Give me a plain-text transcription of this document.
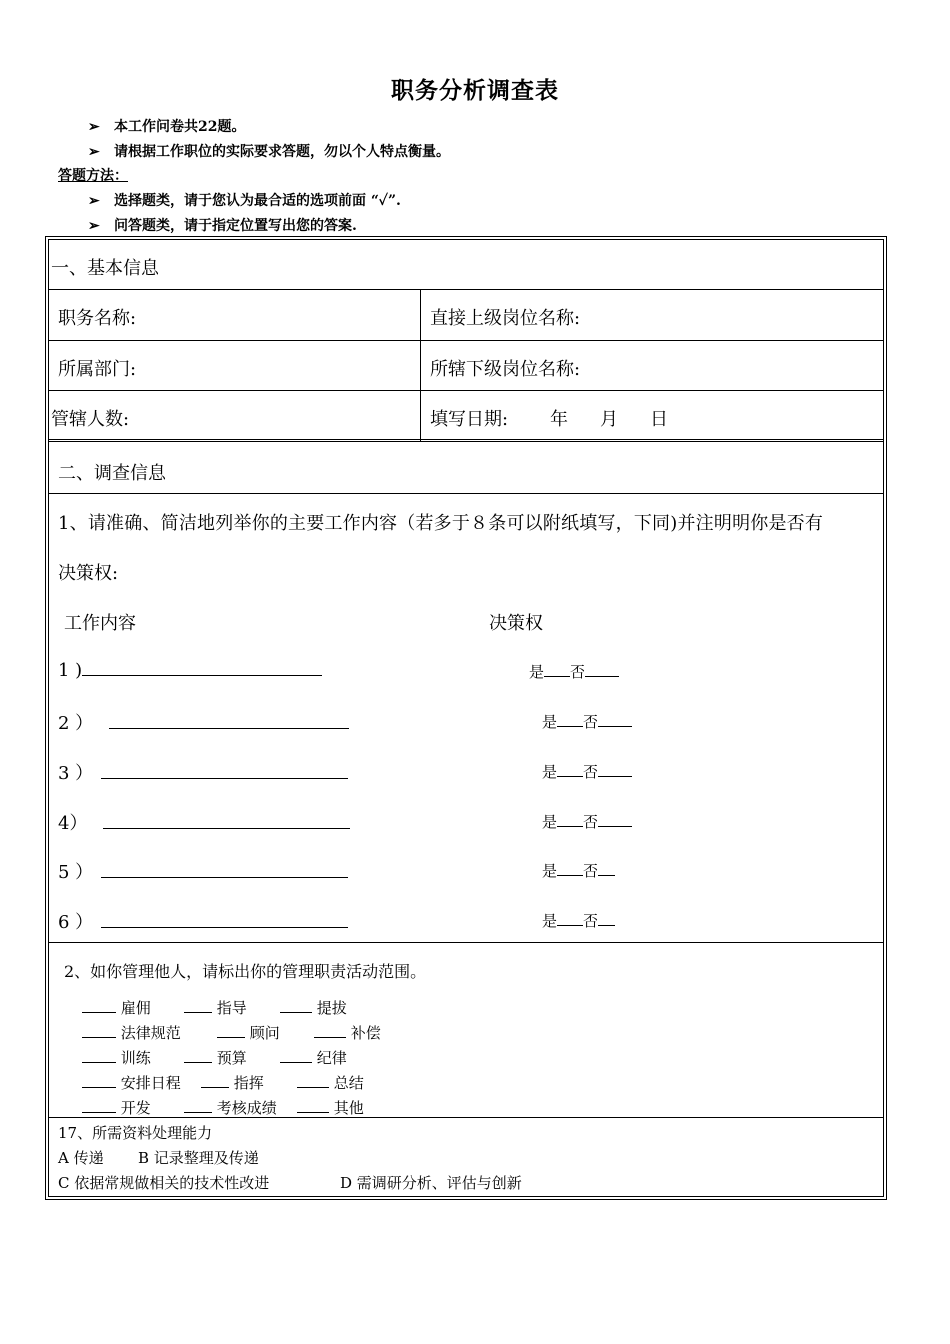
职务分析调查表
➢ 本工作问卷共22题。
➢ 请根据工作职位的实际要求答题，勿以个人特点衡量。
答题方法：
➢ 选择题类，请于您认为最合适的选项前面 “✓”.
➢ 问答题类，请于指定位置写出您的答案.
一、基本信息
职务名称:	直接上级岗位名称:
所属部门:	所辖下级岗位名称:
管辖人数:	填写日期: 年 月 日
二、调查信息
1、请准确、简洁地列举你的主要工作内容（若多于８条可以附纸填写，下同)并注明明你是否有
决策权:
工作内容	决策权
1 )	是 否
2 ）	是 否
3 ）	是 否
4）	是 否
5 ）	是 否
6 ）	是 否
2、如你管理他人，请标出你的管理职责活动范围。
雇佣	指导	提拔
法律规范	顾问	补偿
训练	预算	纪律
安排日程	指挥	总结
开发	考核成绩	其他
17、所需资料处理能力
A 传递 B 记录整理及传递
C 依据常规做相关的技术性改进	D 需调研分析、评估与创新
